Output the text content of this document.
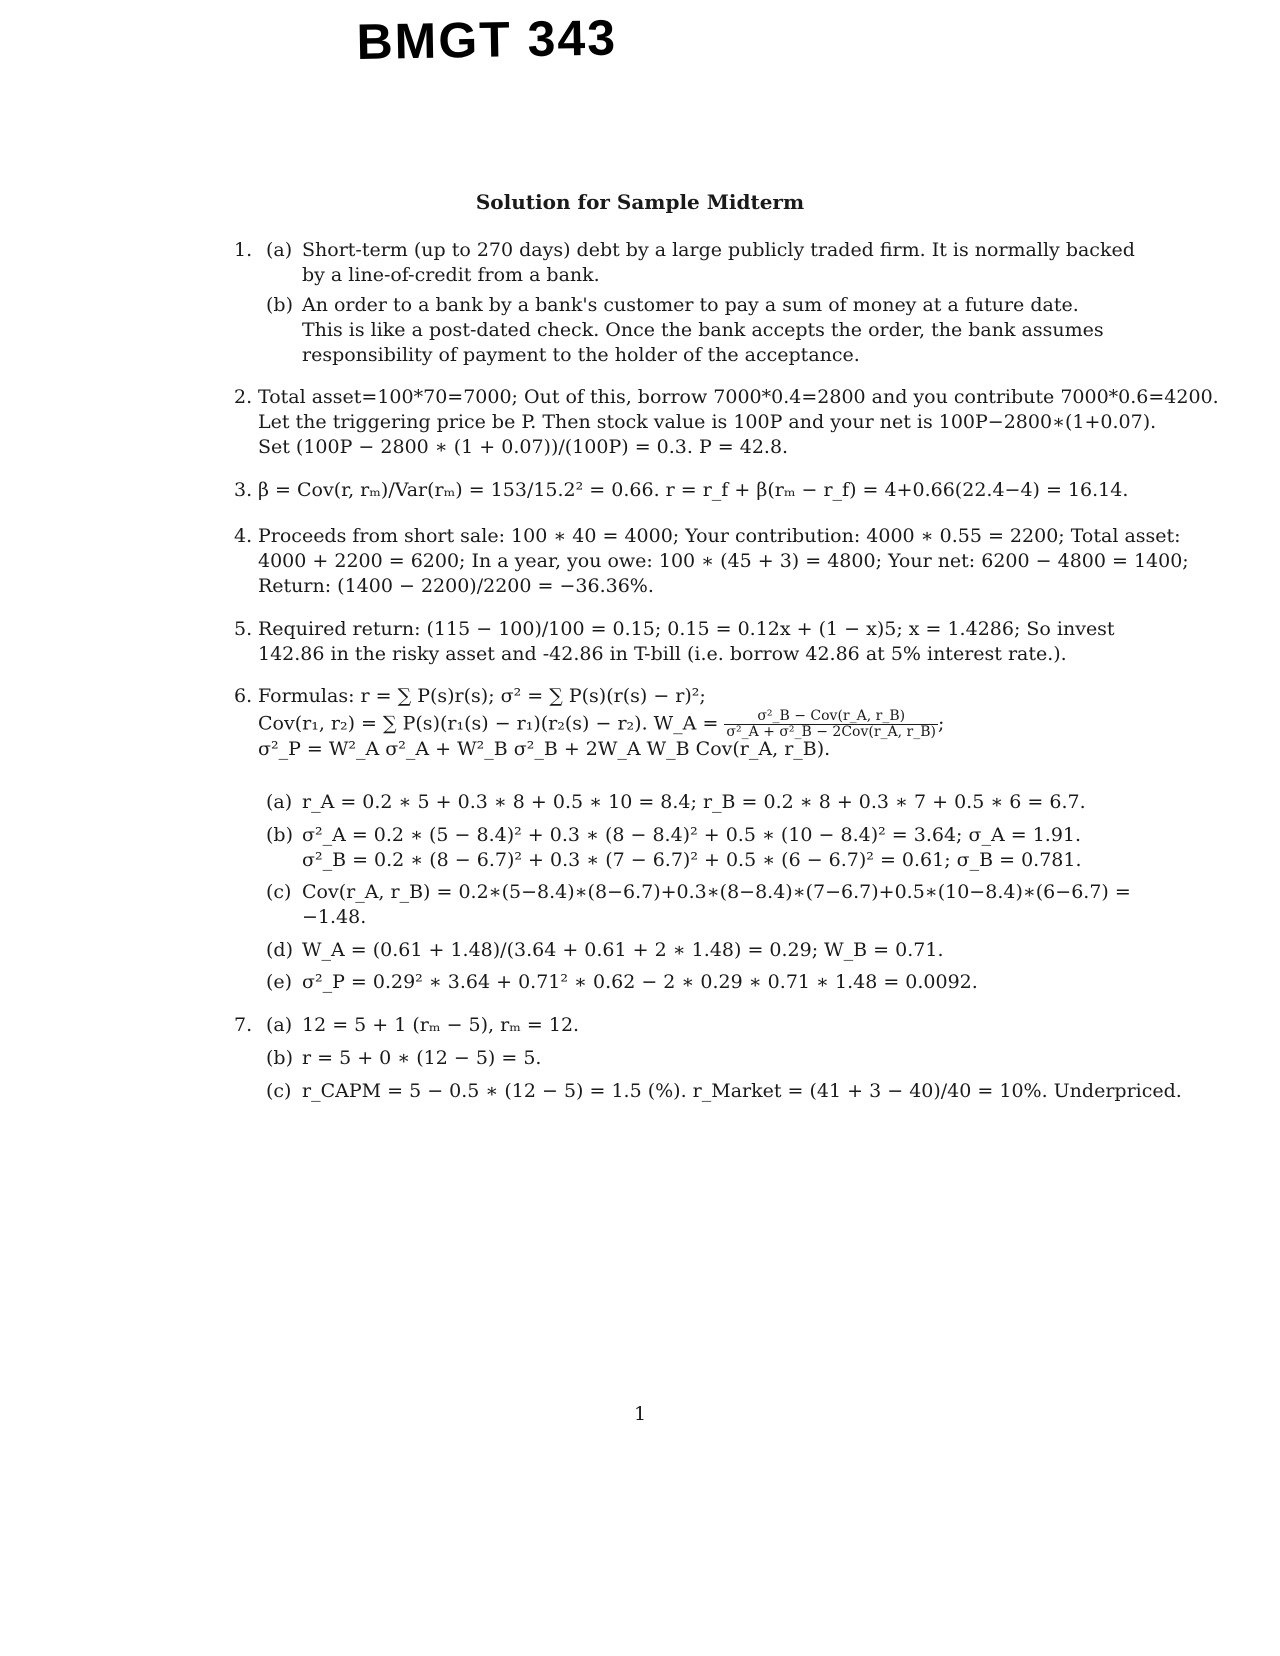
BMGT 343
Solution for Sample Midterm
1. (a) Short-term (up to 270 days) debt by a large publicly traded firm. It is normally backed
by a line-of-credit from a bank.
(b) An order to a bank by a bank's customer to pay a sum of money at a future date.
This is like a post-dated check. Once the bank accepts the order, the bank assumes
responsibility of payment to the holder of the acceptance.
2. Total asset=100*70=7000; Out of this, borrow 7000*0.4=2800 and you contribute 7000*0.6=4200.
Let the triggering price be P. Then stock value is 100P and your net is 100P−2800∗(1+0.07).
Set (100P − 2800 ∗ (1 + 0.07))/(100P) = 0.3. P = 42.8.
3. β = Cov(r, rₘ)/Var(rₘ) = 153/15.2² = 0.66. r = r_f + β(rₘ − r_f) = 4+0.66(22.4−4) = 16.14.
4. Proceeds from short sale: 100 ∗ 40 = 4000; Your contribution: 4000 ∗ 0.55 = 2200; Total asset:
4000 + 2200 = 6200; In a year, you owe: 100 ∗ (45 + 3) = 4800; Your net: 6200 − 4800 = 1400;
Return: (1400 − 2200)/2200 = −36.36%.
5. Required return: (115 − 100)/100 = 0.15; 0.15 = 0.12x + (1 − x)5; x = 1.4286; So invest
142.86 in the risky asset and -42.86 in T-bill (i.e. borrow 42.86 at 5% interest rate.).
6. Formulas: r = ∑ P(s)r(s); σ² = ∑ P(s)(r(s) − r)²;
Cov(r₁, r₂) = ∑ P(s)(r₁(s) − r₁)(r₂(s) − r₂). W_A = $\frac{\text{σ²\_B − Cov(r\_A, r\_B)}}{\text{σ²\_A + σ²\_B − 2Cov(r\_A, r\_B)}}$ ;
σ²_P = W²_A σ²_A + W²_B σ²_B + 2W_A W_B Cov(r_A, r_B).
(a) r_A = 0.2 ∗ 5 + 0.3 ∗ 8 + 0.5 ∗ 10 = 8.4; r_B = 0.2 ∗ 8 + 0.3 ∗ 7 + 0.5 ∗ 6 = 6.7.
(b) σ²_A = 0.2 ∗ (5 − 8.4)² + 0.3 ∗ (8 − 8.4)² + 0.5 ∗ (10 − 8.4)² = 3.64; σ_A = 1.91.
σ²_B = 0.2 ∗ (8 − 6.7)² + 0.3 ∗ (7 − 6.7)² + 0.5 ∗ (6 − 6.7)² = 0.61; σ_B = 0.781.
(c) Cov(r_A, r_B) = 0.2∗(5−8.4)∗(8−6.7)+0.3∗(8−8.4)∗(7−6.7)+0.5∗(10−8.4)∗(6−6.7) =
−1.48.
(d) W_A = (0.61 + 1.48)/(3.64 + 0.61 + 2 ∗ 1.48) = 0.29; W_B = 0.71.
(e) σ²_P = 0.29² ∗ 3.64 + 0.71² ∗ 0.62 − 2 ∗ 0.29 ∗ 0.71 ∗ 1.48 = 0.0092.
7. (a) 12 = 5 + 1 (rₘ − 5), rₘ = 12.
(b) r = 5 + 0 ∗ (12 − 5) = 5.
(c) r_CAPM = 5 − 0.5 ∗ (12 − 5) = 1.5 (%). r_Market = (41 + 3 − 40)/40 = 10%. Underpriced.
1
